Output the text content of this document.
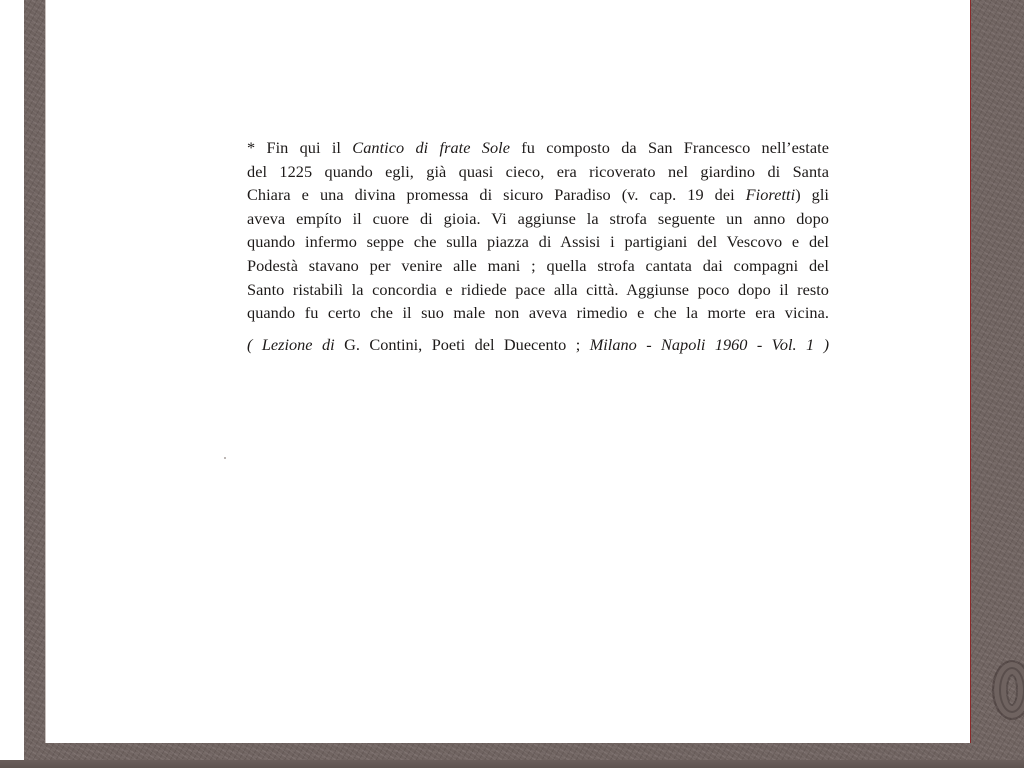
* Fin qui il Cantico di frate Sole fu composto da San Francesco nell’estate
del 1225 quando egli, già quasi cieco, era ricoverato nel giardino di Santa
Chiara e una divina promessa di sicuro Paradiso (v. cap. 19 dei Fioretti) gli
aveva empíto il cuore di gioia. Vi aggiunse la strofa seguente un anno dopo
quando infermo seppe che sulla piazza di Assisi i partigiani del Vescovo e del
Podestà stavano per venire alle mani ; quella strofa cantata dai compagni del
Santo ristabilì la concordia e ridiede pace alla città. Aggiunse poco dopo il resto
quando fu certo che il suo male non aveva rimedio e che la morte era vicina.
( Lezione di G. Contini, Poeti del Duecento ; Milano - Napoli 1960 - Vol. 1 )
